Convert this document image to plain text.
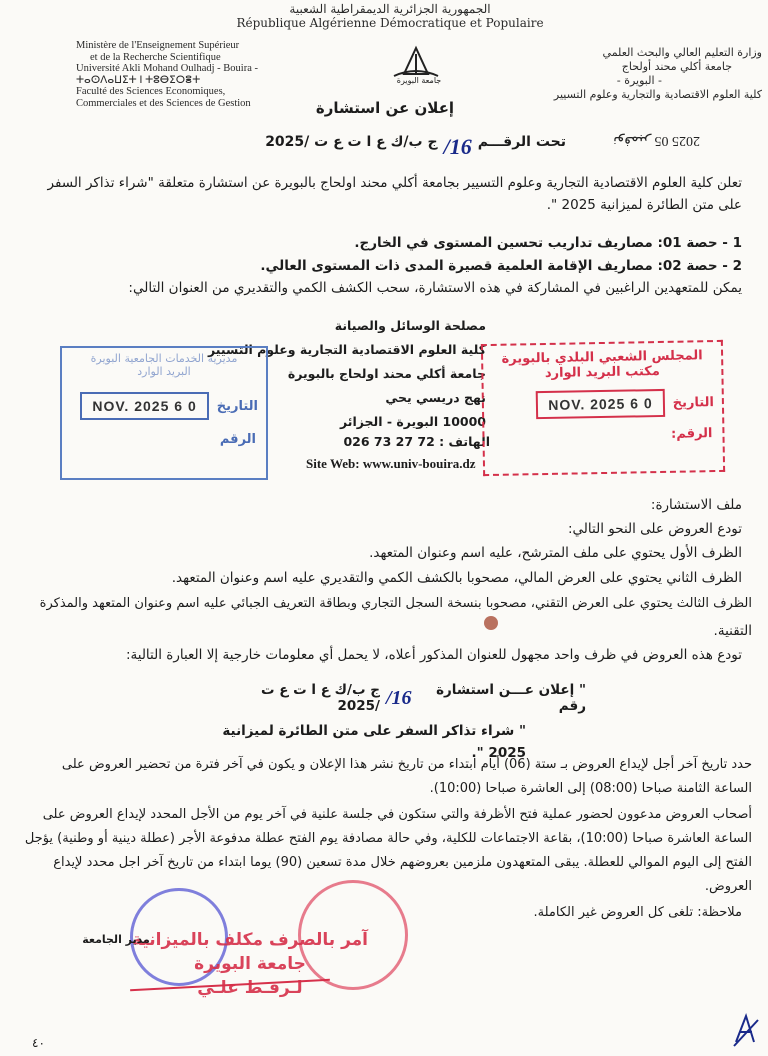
الجمهورية الجزائرية الديمقراطية الشعبية
République Algérienne Démocratique et Populaire
Ministère de l'Enseignement Supérieur
et de la Recherche Scientifique
Université Akli Mohand Oulhadj - Bouira -
ⵜⴰⵙⴷⴰⵡⵉⵜ ⵏ ⵜⵓⴱⵉⵔⴻⵜ
Faculté des Sciences Economiques,
Commerciales et des Sciences de Gestion
جامعة البويرة
وزارة التعليم العالي والبحث العلمي
جامعة أكلي محند أولحاج
- البويرة -
كلية العلوم الاقتصادية والتجارية وعلوم التسيير
إعلان عن استشارة
تحت الرقـــم
16/
ج ب/ك ع ا ت ع ت /2025	2025 نوفمبر 05
تعلن كلية العلوم الاقتصادية التجارية وعلوم التسيير بجامعة أكلي محند اولحاج بالبويرة عن استشارة متعلقة "شراء تذاكر السفر على متن الطائرة لميزانية 2025 ".
1 - حصة 01: مصاريف تداريب تحسين المستوى في الخارج.
2 - حصة 02: مصاريف الإقامة العلمية قصيرة المدى ذات المستوى العالي.
يمكن للمتعهدين الراغبين في المشاركة في هذه الاستشارة، سحب الكشف الكمي والتقديري من العنوان التالي:
مصلحة الوسائل والصيانة
كلية العلوم الاقتصادية التجارية وعلوم التسيير
جامعة أكلي محند اولحاج بالبويرة
نهج دريسي يحي
10000 البويرة - الجزائر
الهاتف : 026 73 27 72
Site Web: www.univ-bouira.dz
مديرية الخدمات الجامعية البويرة
البريد الوارد
التاريخ
0 6 NOV. 2025
الرقم
المجلس الشعبي البلدي بالبويرة
مكتب البريد الوارد
التاريخ
0 6 NOV. 2025
الرقم:
ملف الاستشارة:
تودع العروض على النحو التالي:
الظرف الأول يحتوي على ملف المترشح، عليه اسم وعنوان المتعهد.
الظرف الثاني يحتوي على العرض المالي، مصحوبا بالكشف الكمي والتقديري عليه اسم وعنوان المتعهد.
الظرف الثالث يحتوي على العرض التقني، مصحوبا بنسخة السجل التجاري وبطاقة التعريف الجبائي عليه اسم وعنوان المتعهد والمذكرة
التقنية.
تودع هذه العروض في ظرف واحد مجهول للعنوان المذكور أعلاه، لا يحمل أي معلومات خارجية إلا العبارة التالية:
" إعلان عـــن استشارة رقم
16/
ج ب/ك ع ا ت ع ت /2025
" شراء تذاكر السفر على متن الطائرة لميزانية 2025 ".
حدد تاريخ آخر أجل لإيداع العروض بـ ستة (06) أيام ابتداء من تاريخ نشر هذا الإعلان و يكون في آخر فترة من تحضير العروض على
الساعة الثامنة صباحا (08:00) إلى العاشرة صباحا (10:00).
أصحاب العروض مدعوون لحضور عملية فتح الأظرفة والتي ستكون في جلسة علنية في آخر يوم من الأجل المحدد لإيداع العروض على
الساعة العاشرة صباحا (10:00)، بقاعة الاجتماعات للكلية، وفي حالة مصادفة يوم الفتح عطلة مدفوعة الأجر (عطلة دينية أو وطنية) يؤجل
الفتح إلى اليوم الموالي للعطلة. يبقى المتعهدون ملزمين بعروضهم خلال مدة تسعين (90) يوما ابتداء من تاريخ آخر اجل محدد لإيداع
العروض.
ملاحظة: تلغى كل العروض غير الكاملة.
آمر بالصرف مكلف بالميزانية
جامعة البويرة
لـرقـط علـي
مدير الجامعة
٤٠
